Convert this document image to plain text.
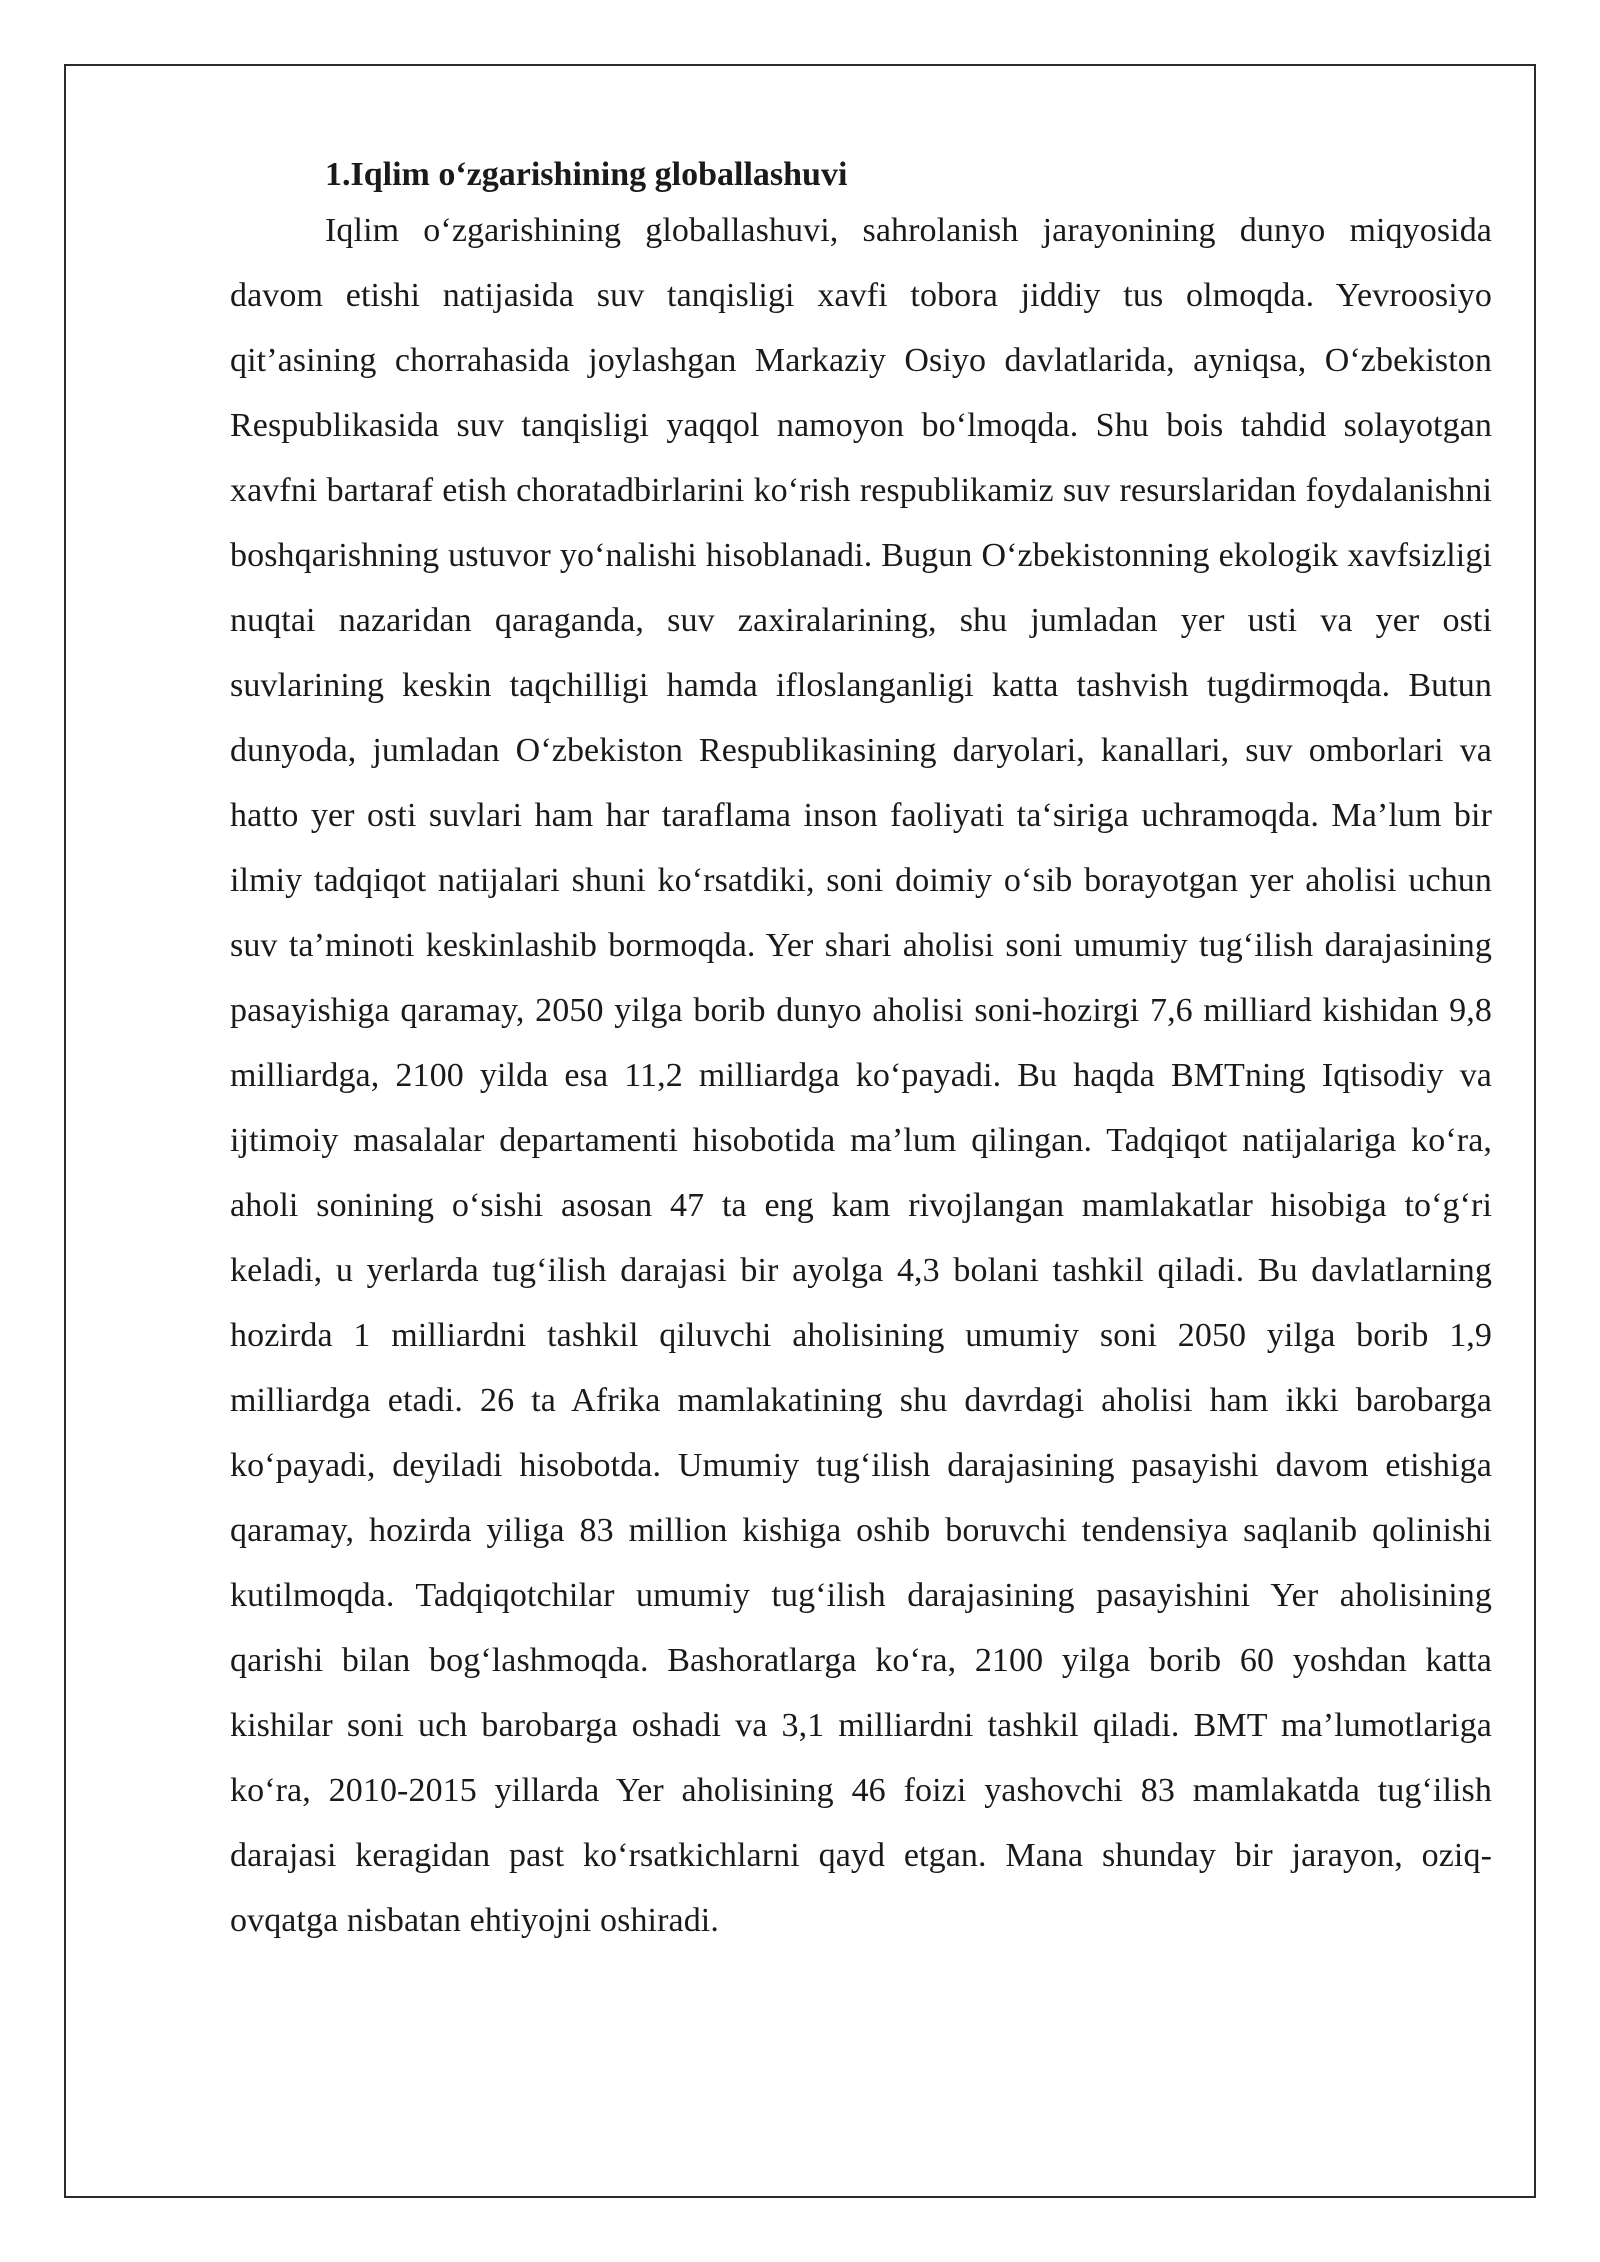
1.Iqlim o‘zgarishining globallashuvi

Iqlim o‘zgarishining globallashuvi, sahrolanish jarayonining dunyo miqyosida davom etishi natijasida suv tanqisligi xavfi tobora jiddiy tus olmoqda. Yevroosiyo qit’asining chorrahasida joylashgan Markaziy Osiyo davlatlarida, ayniqsa, O‘zbekiston Respublikasida suv tanqisligi yaqqol namoyon bo‘lmoqda. Shu bois tahdid solayotgan xavfni bartaraf etish choratadbirlarini ko‘rish respublikamiz suv resurslaridan foydalanishni boshqarishning ustuvor yo‘nalishi hisoblanadi. Bugun O‘zbekistonning ekologik xavfsizligi nuqtai nazaridan qaraganda, suv zaxiralarining, shu jumladan yer usti va yer osti suvlarining keskin taqchilligi hamda ifloslanganligi katta tashvish tugdirmoqda. Butun dunyoda, jumladan O‘zbekiston Respublikasining daryolari, kanallari, suv omborlari va hatto yer osti suvlari ham har taraflama inson faoliyati ta‘siriga uchramoqda. Ma’lum bir ilmiy tadqiqot natijalari shuni ko‘rsatdiki, soni doimiy o‘sib borayotgan yer aholisi uchun suv ta’minoti keskinlashib bormoqda. Yer shari aholisi soni umumiy tug‘ilish darajasining pasayishiga qaramay, 2050 yilga borib dunyo aholisi soni-hozirgi 7,6 milliard kishidan 9,8 milliardga, 2100 yilda esa 11,2 milliardga ko‘payadi. Bu haqda BMTning Iqtisodiy va ijtimoiy masalalar departamenti hisobotida ma’lum qilingan. Tadqiqot natijalariga ko‘ra, aholi sonining o‘sishi asosan 47 ta eng kam rivojlangan mamlakatlar hisobiga to‘g‘ri keladi, u yerlarda tug‘ilish darajasi bir ayolga 4,3 bolani tashkil qiladi. Bu davlatlarning hozirda 1 milliardni tashkil qiluvchi aholisining umumiy soni 2050 yilga borib 1,9 milliardga etadi. 26 ta Afrika mamlakatining shu davrdagi aholisi ham ikki barobarga ko‘payadi, deyiladi hisobotda. Umumiy tug‘ilish darajasining pasayishi davom etishiga qaramay, hozirda yiliga 83 million kishiga oshib boruvchi tendensiya saqlanib qolinishi kutilmoqda. Tadqiqotchilar umumiy tug‘ilish darajasining pasayishini Yer aholisining qarishi bilan bog‘lashmoqda. Bashoratlarga ko‘ra, 2100 yilga borib 60 yoshdan katta kishilar soni uch barobarga oshadi va 3,1 milliardni tashkil qiladi. BMT ma’lumotlariga ko‘ra, 2010-2015 yillarda Yer aholisining 46 foizi yashovchi 83 mamlakatda tug‘ilish darajasi keragidan past ko‘rsatkichlarni qayd etgan. Mana shunday bir jarayon, oziq-ovqatga nisbatan ehtiyojni oshiradi.
